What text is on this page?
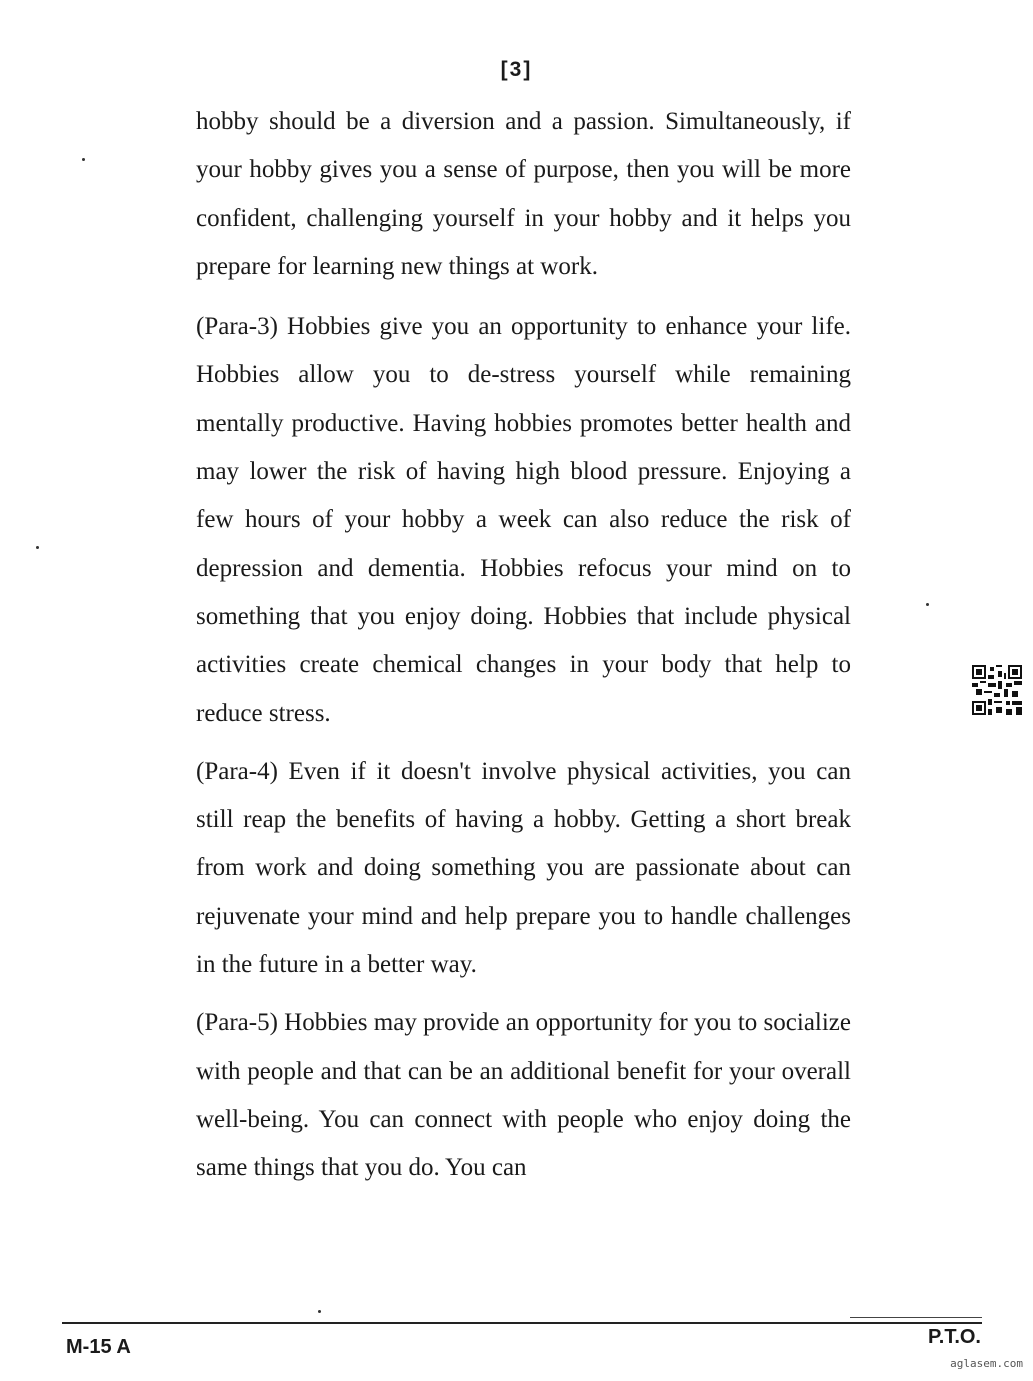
[3]

hobby should be a diversion and a passion. Simultaneously, if your hobby gives you a sense of purpose, then you will be more confident, challenging yourself in your hobby and it helps you prepare for learning new things at work.

(Para-3) Hobbies give you an opportunity to enhance your life. Hobbies allow you to de-stress yourself while remaining mentally productive. Having hobbies promotes better health and may lower the risk of having high blood pressure. Enjoying a few hours of your hobby a week can also reduce the risk of depression and dementia. Hobbies refocus your mind on to something that you enjoy doing. Hobbies that include physical activities create chemical changes in your body that help to reduce stress.

(Para-4) Even if it doesn't involve physical activities, you can still reap the benefits of having a hobby. Getting a short break from work and doing something you are passionate about can rejuvenate your mind and help prepare you to handle challenges in the future in a better way.

(Para-5) Hobbies may provide an opportunity for you to socialize with people and that can be an additional benefit for your overall well-being. You can connect with people who enjoy doing the same things that you do. You can

M-15 A	P.T.O.
aglasem.com
